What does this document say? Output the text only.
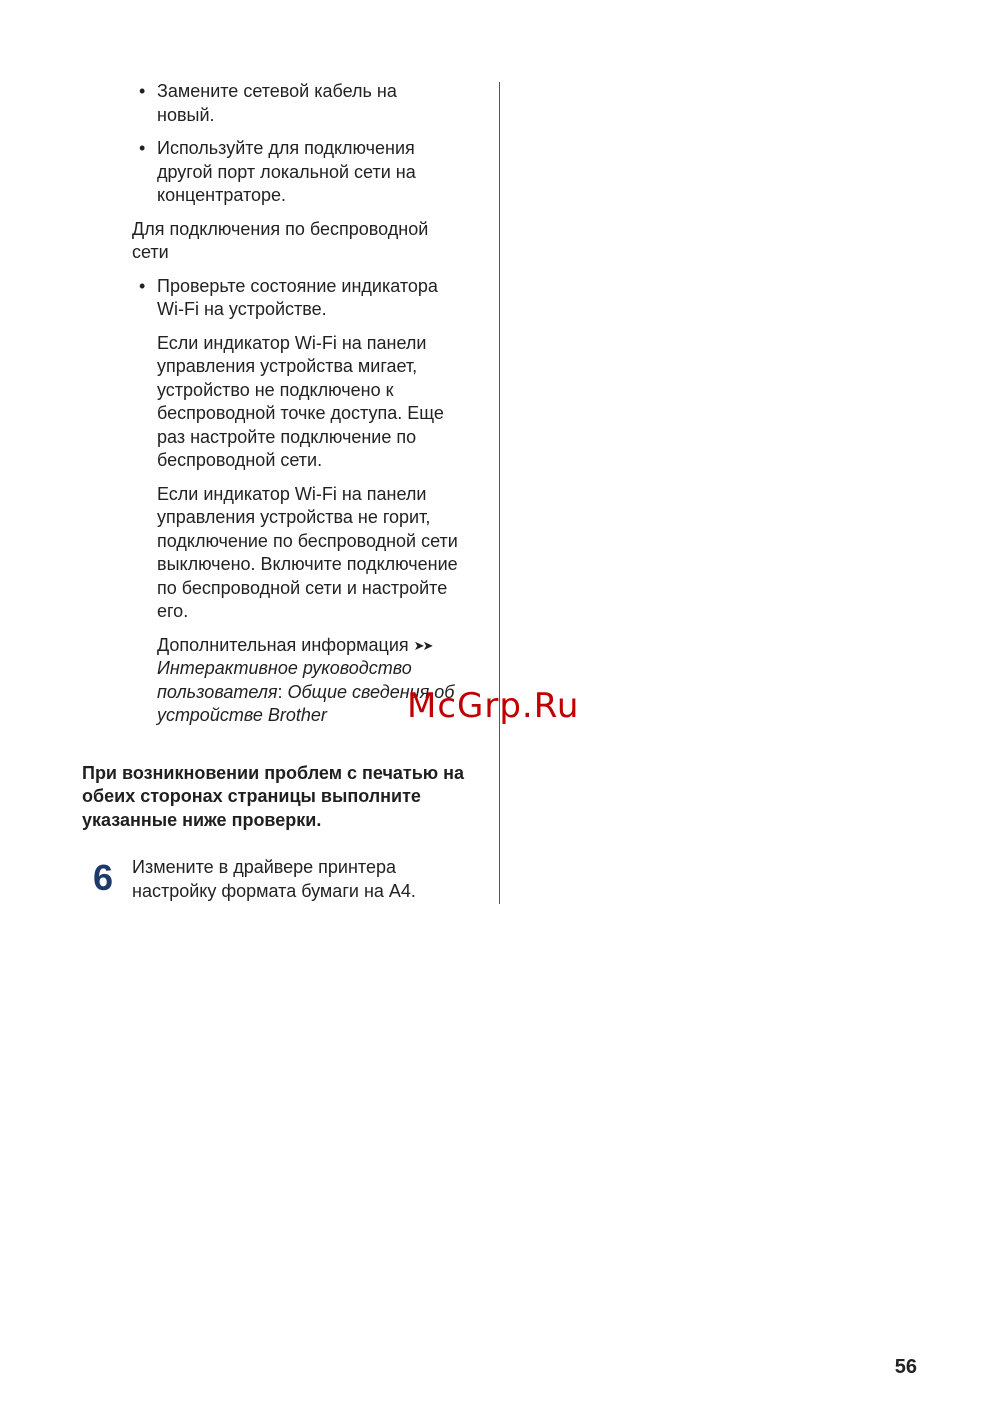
• Замените сетевой кабель на новый.

• Используйте для подключения другой порт локальной сети на концентраторе.

Для подключения по беспроводной сети

• Проверьте состояние индикатора Wi-Fi на устройстве.

Если индикатор Wi-Fi на панели управления устройства мигает, устройство не подключено к беспроводной точке доступа. Еще раз настройте подключение по беспроводной сети.

Если индикатор Wi-Fi на панели управления устройства не горит, подключение по беспроводной сети выключено. Включите подключение по беспроводной сети и настройте его.

Дополнительная информация ➤➤
Интерактивное руководство пользователя: Общие сведения об устройстве Brother

При возникновении проблем с печатью на обеих сторонах страницы выполните указанные ниже проверки.

6 Измените в драйвере принтера настройку формата бумаги на A4.

McGrp.Ru
56
